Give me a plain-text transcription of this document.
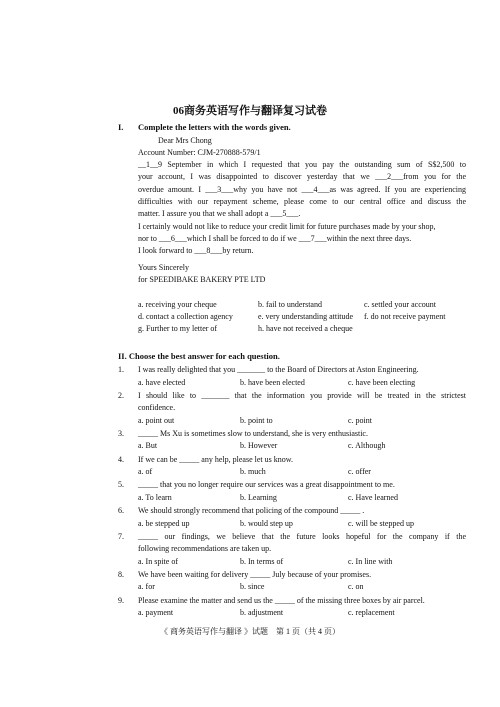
06商务英语写作与翻译复习试卷
I. Complete the letters with the words given.
Dear Mrs Chong
Account Number: CJM-270888-579/1
__1__9 September in which I requested that you pay the outstanding sum of S$2,500 to
your account, I was disappointed to discover yesterday that we ___2___from you for the
overdue amount. I ___3___why you have not ___4___as was agreed. If you are experiencing
difficulties with our repayment scheme, please come to our central office and discuss the
matter. I assure you that we shall adopt a ___5___.
I certainly would not like to reduce your credit limit for future purchases made by your shop,
nor to ___6___which I shall be forced to do if we ___7___within the next three days.
I look forward to ___8___by return.
Yours Sincerely
for SPEEDIBAKE BAKERY PTE LTD
a. receiving your cheque	b. fail to understand	c. settled your account
d. contact a collection agency	e. very understanding attitude f. do not receive payment
g. Further to my letter of	h. have not received a cheque
II. Choose the best answer for each question.
1. I was really delighted that you _______ to the Board of Directors at Aston Engineering.
a. have elected	b. have been elected	c. have been electing
2. I should like to _______ that the information you provide will be treated in the strictest
confidence.
a. point out	b. point to	c. point
3. _____ Ms Xu is sometimes slow to understand, she is very enthusiastic.
a. But	b. However	c. Although
4. If we can be _____ any help, please let us know.
a. of	b. much	c. offer
5. _____ that you no longer require our services was a great disappointment to me.
a. To learn	b. Learning	c. Have learned
6. We should strongly recommend that policing of the compound _____ .
a. be stepped up	b. would step up	c. will be stepped up
7. _____ our findings, we believe that the future looks hopeful for the company if the
following recommendations are taken up.
a. In spite of	b. In terms of	c. In line with
8. We have been waiting for delivery _____ July because of your promises.
a. for	b. since	c. on
9. Please examine the matter and send us the _____ of the missing three boxes by air parcel.
a. payment	b. adjustment	c. replacement
《 商务英语写作与翻译 》试题　第 1 页（共 4 页）
